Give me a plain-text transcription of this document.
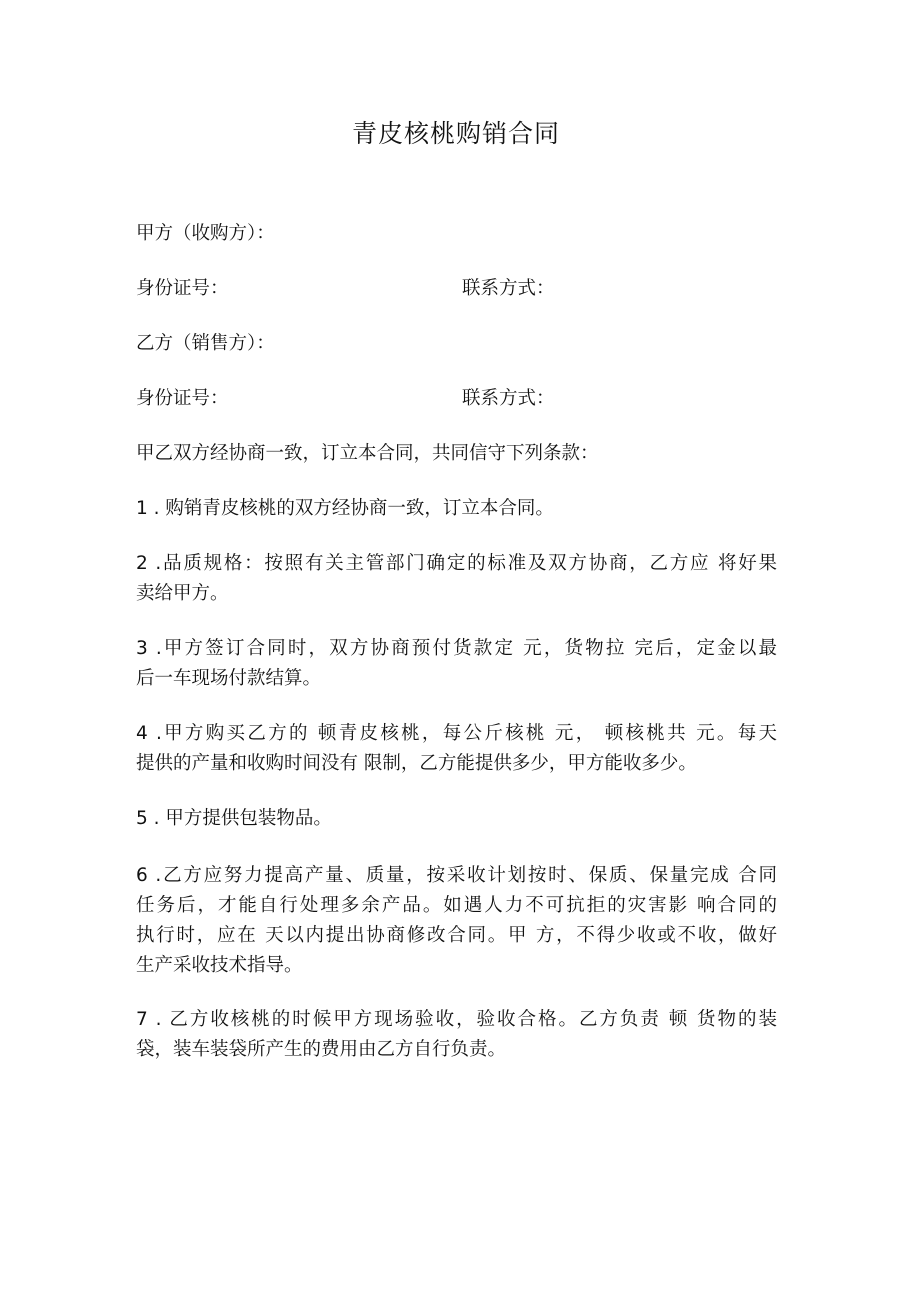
青皮核桃购销合同
甲方（收购方）：
身份证号：	联系方式：
乙方（销售方）：
身份证号：	联系方式：
甲乙双方经协商一致，订立本合同，共同信守下列条款：
1 . 购销青皮核桃的双方经协商一致，订立本合同。
2 .品质规格：按照有关主管部门确定的标准及双方协商，乙方应 将好果
卖给甲方。
3 .甲方签订合同时，双方协商预付货款定 元，货物拉 完后，定金以最
后一车现场付款结算。
4 .甲方购买乙方的 顿青皮核桃，每公斤核桃 元， 顿核桃共 元。每天
提供的产量和收购时间没有 限制，乙方能提供多少，甲方能收多少。
5 . 甲方提供包装物品。
6 .乙方应努力提高产量、质量，按采收计划按时、保质、保量完成 合同
任务后，才能自行处理多余产品。如遇人力不可抗拒的灾害影 响合同的
执行时，应在 天以内提出协商修改合同。甲 方，不得少收或不收，做好
生产采收技术指导。
7 . 乙方收核桃的时候甲方现场验收，验收合格。乙方负责 顿 货物的装
袋，装车装袋所产生的费用由乙方自行负责。
